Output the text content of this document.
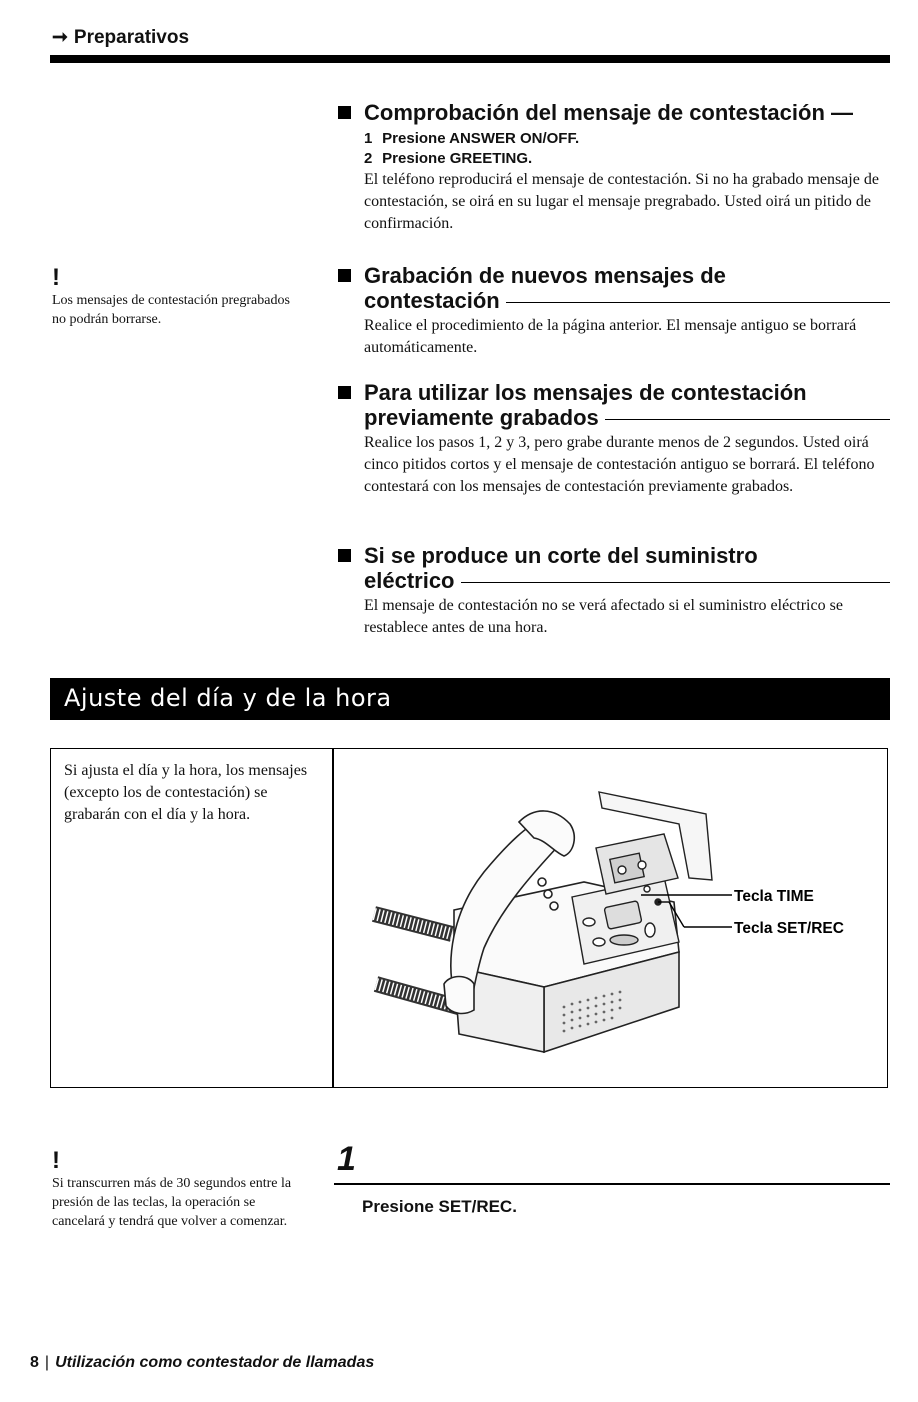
➞ Preparativos
Comprobación del mensaje de contestación —
1 Presione ANSWER ON/OFF.
2 Presione GREETING.
El teléfono reproducirá el mensaje de contestación. Si no ha grabado mensaje de contestación, se oirá en su lugar el mensaje pregrabado. Usted oirá un pitido de confirmación.
Grabación de nuevos mensajes de
contestación
Realice el procedimiento de la página anterior. El mensaje antiguo se borrará automáticamente.
Para utilizar los mensajes de contestación
previamente grabados
Realice los pasos 1, 2 y 3, pero grabe durante menos de 2 segundos. Usted oirá cinco pitidos cortos y el mensaje de contestación antiguo se borrará. El teléfono contestará con los mensajes de contestación previamente grabados.
Si se produce un corte del suministro
eléctrico
El mensaje de contestación no se verá afectado si el suministro eléctrico se restablece antes de una hora.
!
Los mensajes de contestación pregrabados no podrán borrarse.
Ajuste del día y de la hora
Si ajusta el día y la hora, los mensajes (excepto los de contestación) se grabarán con el día y la hora.
Tecla TIME
Tecla SET/REC
!
Si transcurren más de 30 segundos entre la presión de las teclas, la operación se cancelará y tendrá que volver a comenzar.
1
Presione SET/REC.
8 | Utilización como contestador de llamadas
